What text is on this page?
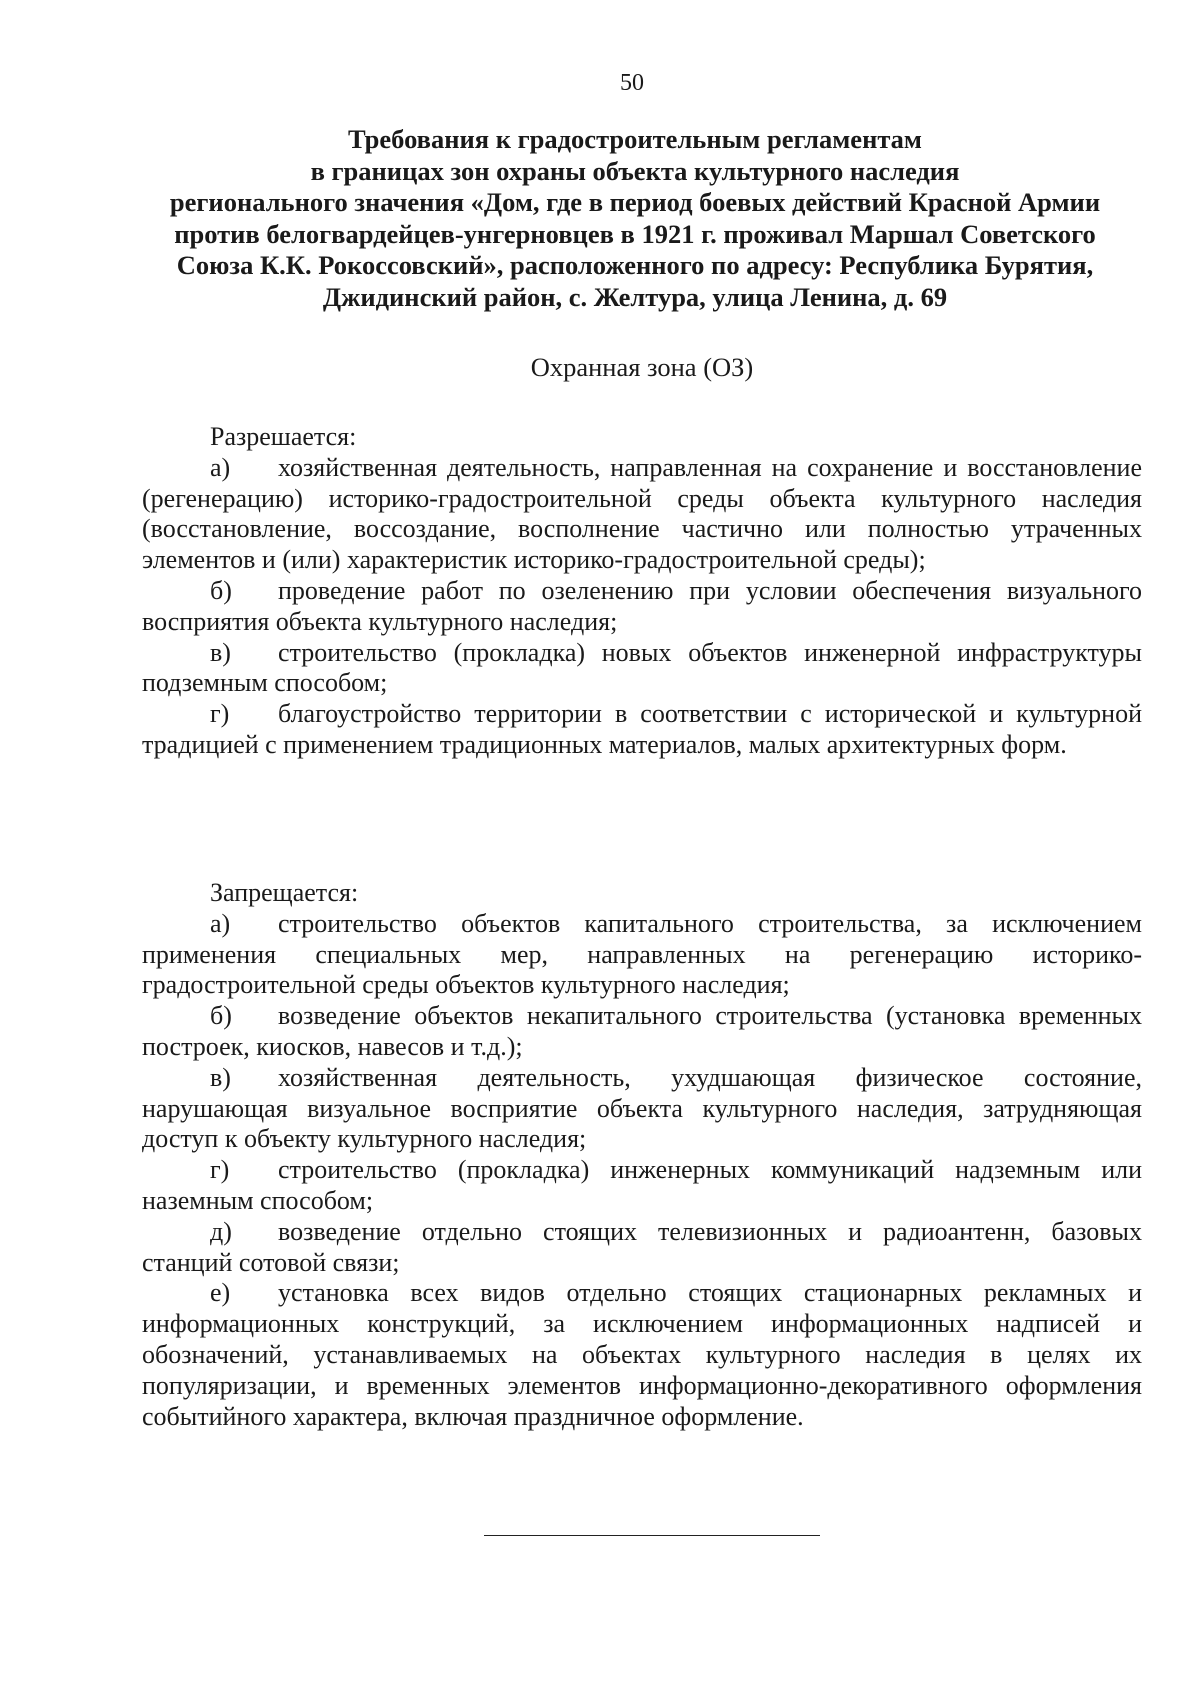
50
Требования к градостроительным регламентам
в границах зон охраны объекта культурного наследия
регионального значения «Дом, где в период боевых действий Красной Армии
против белогвардейцев-унгерновцев в 1921 г. проживал Маршал Советского
Союза К.К. Рокоссовский», расположенного по адресу: Республика Бурятия,
Джидинский район, с. Желтура, улица Ленина, д. 69
Охранная зона (ОЗ)
Разрешается:
а) хозяйственная деятельность, направленная на сохранение и восстановление (регенерацию) историко-градостроительной среды объекта культурного наследия (восстановление, воссоздание, восполнение частично или полностью утраченных элементов и (или) характеристик историко-градостроительной среды);
б) проведение работ по озеленению при условии обеспечения визуального восприятия объекта культурного наследия;
в) строительство (прокладка) новых объектов инженерной инфраструктуры подземным способом;
г) благоустройство территории в соответствии с исторической и культурной традицией с применением традиционных материалов, малых архитектурных форм.
Запрещается:
а) строительство объектов капитального строительства, за исключением применения специальных мер, направленных на регенерацию историко-градостроительной среды объектов культурного наследия;
б) возведение объектов некапитального строительства (установка временных построек, киосков, навесов и т.д.);
в) хозяйственная деятельность, ухудшающая физическое состояние, нарушающая визуальное восприятие объекта культурного наследия, затрудняющая доступ к объекту культурного наследия;
г) строительство (прокладка) инженерных коммуникаций надземным или наземным способом;
д) возведение отдельно стоящих телевизионных и радиоантенн, базовых станций сотовой связи;
е) установка всех видов отдельно стоящих стационарных рекламных и информационных конструкций, за исключением информационных надписей и обозначений, устанавливаемых на объектах культурного наследия в целях их популяризации, и временных элементов информационно-декоративного оформления событийного характера, включая праздничное оформление.
